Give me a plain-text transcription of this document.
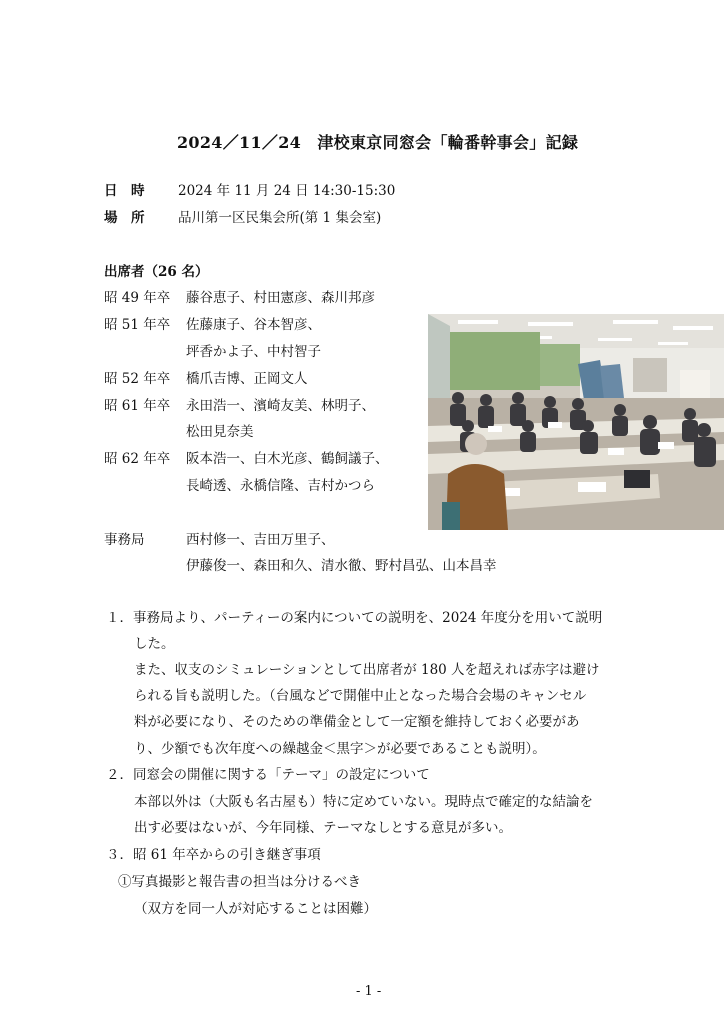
2024／11／24　津校東京同窓会「輪番幹事会」記録
日　時 2024 年 11 月 24 日 14:30-15:30
場　所 品川第一区民集会所(第 1 集会室)
出席者（26 名）
昭 49 年卒 藤谷恵子、村田憲彦、森川邦彦
昭 51 年卒 佐藤康子、谷本智彦、
坪香かよ子、中村智子
昭 52 年卒 橋爪吉博、正岡文人
昭 61 年卒 永田浩一、濱崎友美、林明子、
松田見奈美
昭 62 年卒 阪本浩一、白木光彦、鶴飼議子、
長崎透、永橋信隆、吉村かつら
事務局	西村修一、吉田万里子、
伊藤俊一、森田和久、清水徹、野村昌弘、山本昌幸
１．事務局より、パーティーの案内についての説明を、2024 年度分を用いて説明
した。
また、収支のシミュレーションとして出席者が 180 人を超えれば赤字は避け
られる旨も説明した。（台風などで開催中止となった場合会場のキャンセル
料が必要になり、そのための準備金として一定額を維持しておく必要があ
り、少額でも次年度への繰越金＜黒字＞が必要であることも説明）。
２．同窓会の開催に関する「テーマ」の設定について
本部以外は（大阪も名古屋も）特に定めていない。現時点で確定的な結論を
出す必要はないが、今年同様、テーマなしとする意見が多い。
３．昭 61 年卒からの引き継ぎ事項
①写真撮影と報告書の担当は分けるべき
（双方を同一人が対応することは困難）
- 1 -
